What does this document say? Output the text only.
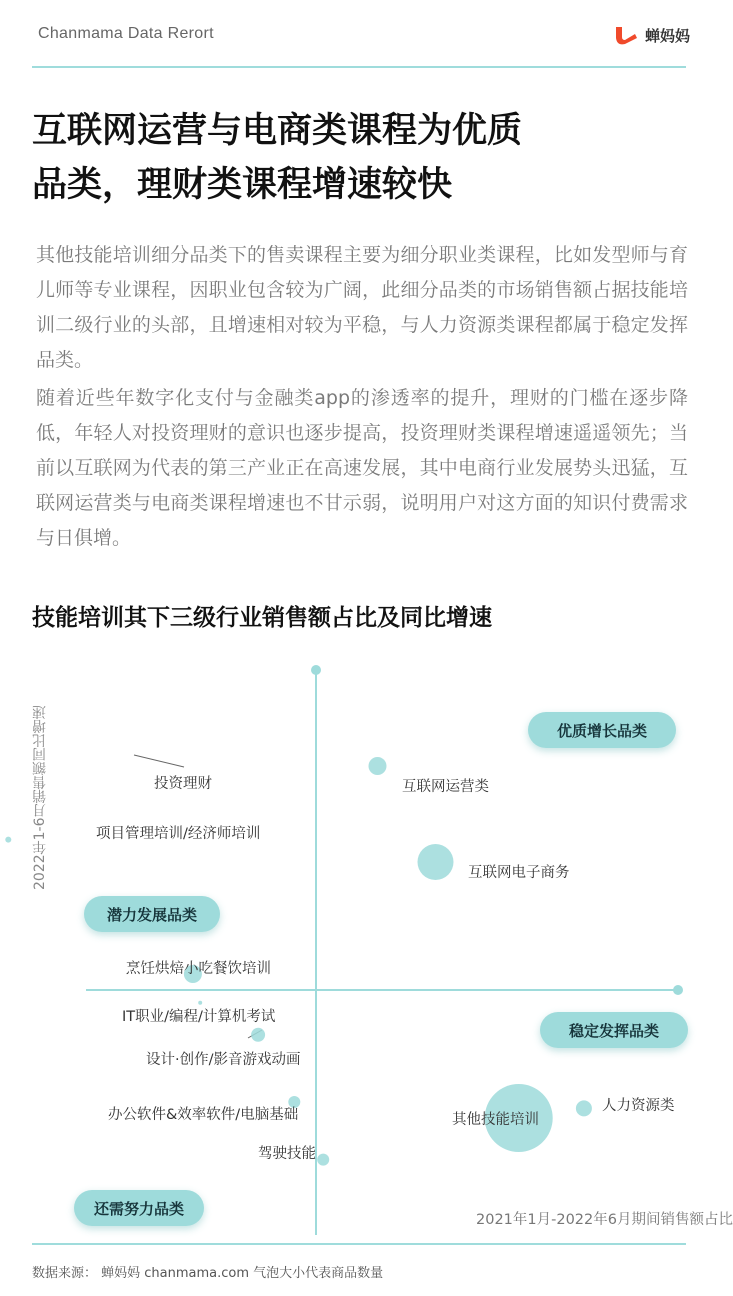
Chanmama Data Rerort	蝉妈妈
互联网运营与电商类课程为优质
品类，理财类课程增速较快

其他技能培训细分品类下的售卖课程主要为细分职业类课程，比如发型师与育儿师等专业课程，因职业包含较为广阔，此细分品类的市场销售额占据技能培训二级行业的头部，且增速相对较为平稳，与人力资源类课程都属于稳定发挥品类。

随着近些年数字化支付与金融类app的渗透率的提升，理财的门槛在逐步降低，年轻人对投资理财的意识也逐步提高，投资理财类课程增速遥遥领先；当前以互联网为代表的第三产业正在高速发展，其中电商行业发展势头迅猛，互联网运营类与电商类课程增速也不甘示弱，说明用户对这方面的知识付费需求与日俱增。

技能培训其下三级行业销售额占比及同比增速
2022年1-6月销售额同比增速
2021年1月-2022年6月期间销售额占比
优质增长品类
潜力发展品类
稳定发挥品类
还需努力品类
投资理财
项目管理培训/经济师培训
互联网运营类
互联网电子商务
烹饪烘焙小吃餐饮培训
IT职业/编程/计算机考试
设计·创作/影音游戏动画
办公软件&效率软件/电脑基础
驾驶技能
其他技能培训
人力资源类
数据来源： 蝉妈妈 chanmama.com 气泡大小代表商品数量
